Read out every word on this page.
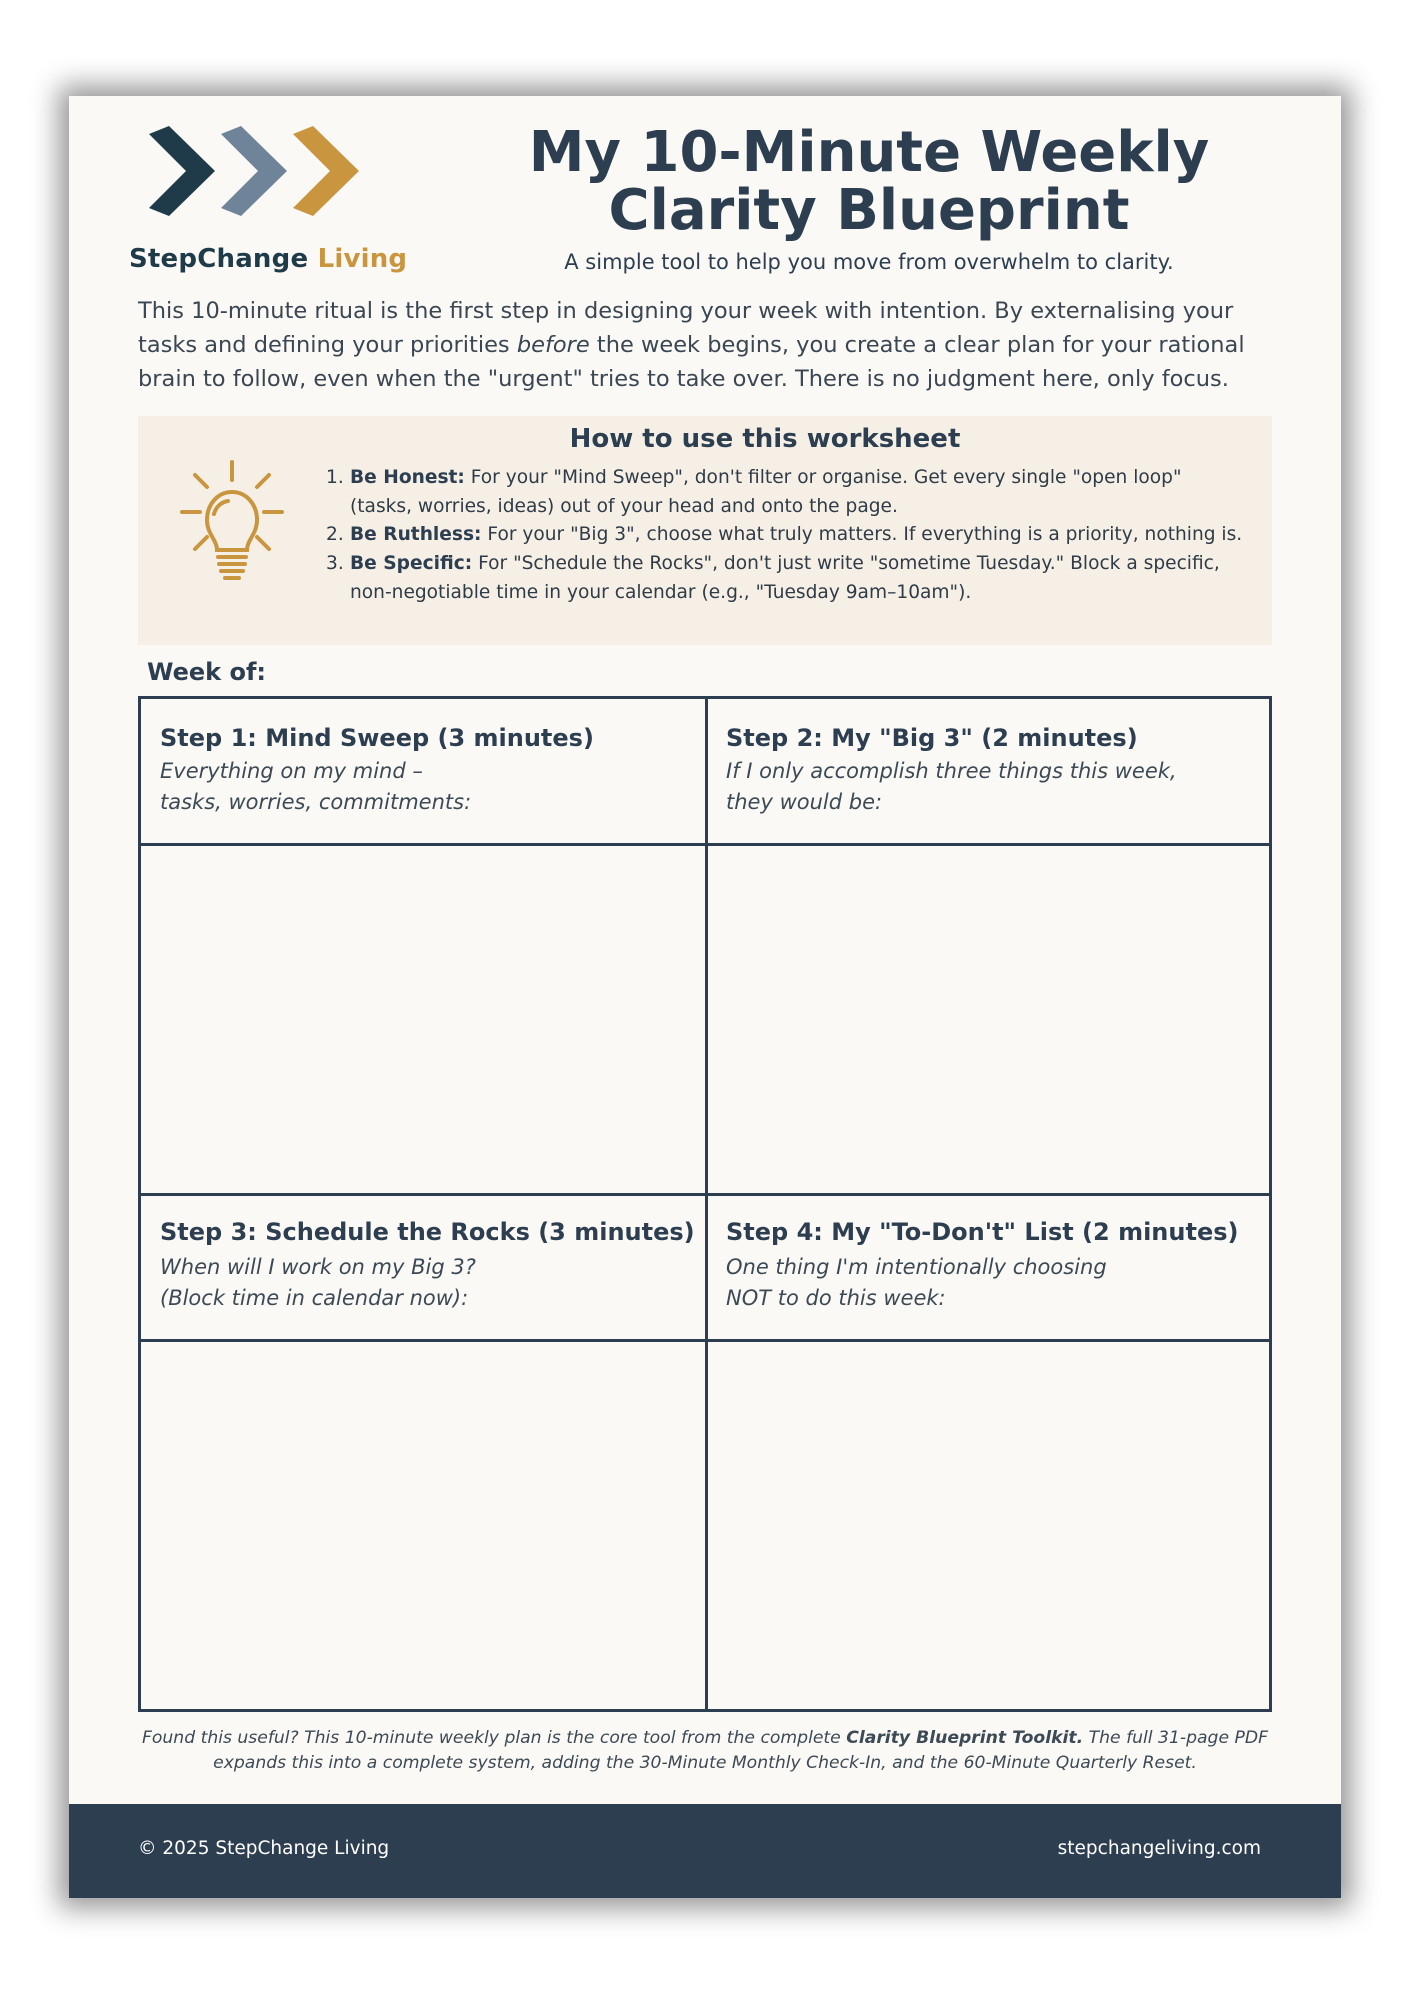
StepChange Living
My 10-Minute Weekly
Clarity Blueprint
A simple tool to help you move from overwhelm to clarity.

This 10-minute ritual is the first step in designing your week with intention. By externalising your tasks and defining your priorities before the week begins, you create a clear plan for your rational brain to follow, even when the "urgent" tries to take over. There is no judgment here, only focus.

How to use this worksheet
1. Be Honest: For your "Mind Sweep", don't filter or organise. Get every single "open loop" (tasks, worries, ideas) out of your head and onto the page.
2. Be Ruthless: For your "Big 3", choose what truly matters. If everything is a priority, nothing is.
3. Be Specific: For "Schedule the Rocks", don't just write "sometime Tuesday." Block a specific, non-negotiable time in your calendar (e.g., "Tuesday 9am–10am").
Week of:
Step 1: Mind Sweep (3 minutes)
Everything on my mind –
tasks, worries, commitments:
Step 2: My "Big 3" (2 minutes)
If I only accomplish three things this week,
they would be:
Step 3: Schedule the Rocks (3 minutes)
When will I work on my Big 3?
(Block time in calendar now):
Step 4: My "To-Don't" List (2 minutes)
One thing I'm intentionally choosing
NOT to do this week:

Found this useful? This 10-minute weekly plan is the core tool from the complete Clarity Blueprint Toolkit. The full 31-page PDF expands this into a complete system, adding the 30-Minute Monthly Check-In, and the 60-Minute Quarterly Reset.

© 2025 StepChange Living	stepchangeliving.com
